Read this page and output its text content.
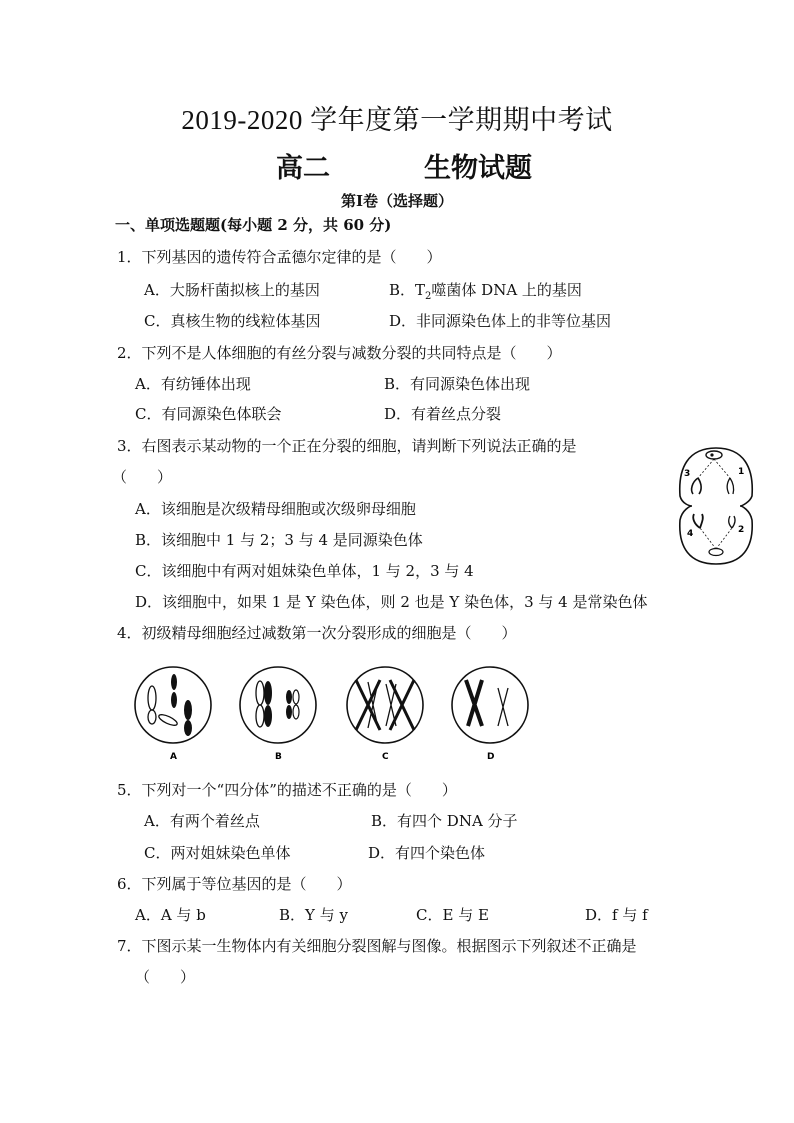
2019-2020 学年度第一学期期中考试
高二	生物试题
第Ⅰ卷（选择题）
一、单项选题题(每小题 2 分，共 60 分)
1．下列基因的遗传符合孟德尔定律的是（　　）
A．大肠杆菌拟核上的基因	B．$T_2$噬菌体 DNA 上的基因
C．真核生物的线粒体基因	D．非同源染色体上的非等位基因
2．下列不是人体细胞的有丝分裂与减数分裂的共同特点是（　　）
A．有纺锤体出现	B．有同源染色体出现
C．有同源染色体联会	D．有着丝点分裂
3．右图表示某动物的一个正在分裂的细胞，请判断下列说法正确的是
（　　）
A．该细胞是次级精母细胞或次级卵母细胞
B．该细胞中 1 与 2；3 与 4 是同源染色体
C．该细胞中有两对姐妹染色单体，1 与 2，3 与 4
D．该细胞中，如果 1 是 Y 染色体，则 2 也是 Y 染色体，3 与 4 是常染色体
3	1
4	2
4．初级精母细胞经过减数第一次分裂形成的细胞是（　　）
A	B	C	D
5．下列对一个“四分体”的描述不正确的是（　　）
A．有两个着丝点	B．有四个 DNA 分子
C．两对姐妹染色单体	D．有四个染色体
6．下列属于等位基因的是（　　）
A．A 与 b	B．Y 与 y	C．E 与 E	D．f 与 f
7．下图示某一生物体内有关细胞分裂图解与图像。根据图示下列叙述不正确是
（　　）
